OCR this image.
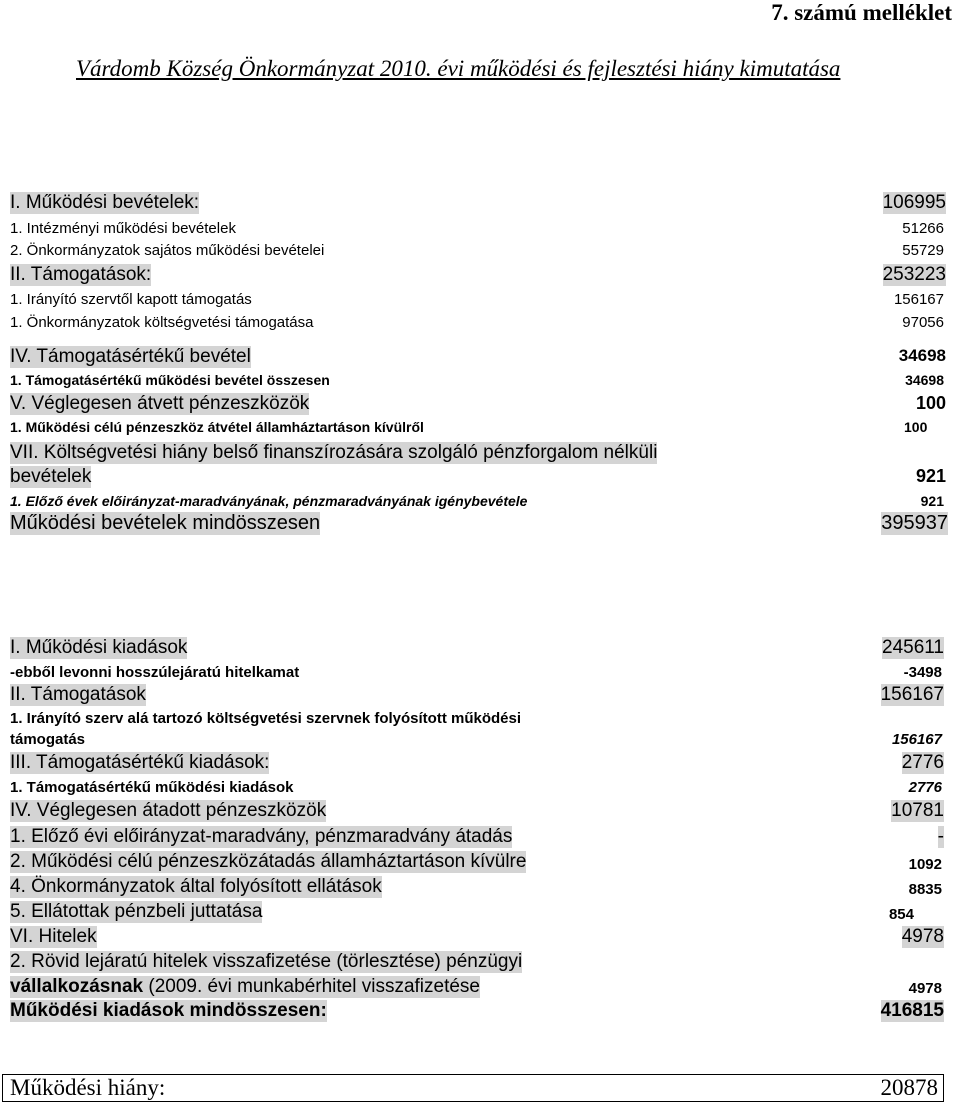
7. számú melléklet
Várdomb Község Önkormányzat 2010. évi működési és fejlesztési hiány kimutatása
I. Működési bevételek:	106995
1. Intézményi működési bevételek	51266
2. Önkormányzatok sajátos működési bevételei	55729
II. Támogatások:	253223
1. Irányító szervtől kapott támogatás	156167
1. Önkormányzatok költségvetési támogatása	97056
IV. Támogatásértékű bevétel	34698
1. Támogatásértékű működési bevétel összesen	34698
V. Véglegesen átvett pénzeszközök	100
1. Működési célú pénzeszköz átvétel államháztartáson kívülről	100
VII. Költségvetési hiány belső finanszírozására szolgáló pénzforgalom nélküli
bevételek	921
1. Előző évek előirányzat-maradványának, pénzmaradványának igénybevétele	921
Működési bevételek mindösszesen	395937
I. Működési kiadások	245611
-ebből levonni hosszúlejáratú hitelkamat	-3498
II. Támogatások	156167
1. Irányító szerv alá tartozó költségvetési szervnek folyósított működési
támogatás	156167
III. Támogatásértékű kiadások:	2776
1. Támogatásértékű működési kiadások	2776
IV. Véglegesen átadott pénzeszközök	10781
1. Előző évi előirányzat-maradvány, pénzmaradvány átadás	-
2. Működési célú pénzeszközátadás államháztartáson kívülre	1092
4. Önkormányzatok által folyósított ellátások	8835
5. Ellátottak pénzbeli juttatása	854
VI. Hitelek	4978
2. Rövid lejáratú hitelek visszafizetése (törlesztése) pénzügyi
vállalkozásnak (2009. évi munkabérhitel visszafizetése	4978
Működési kiadások mindösszesen:	416815
Működési hiány:	20878
